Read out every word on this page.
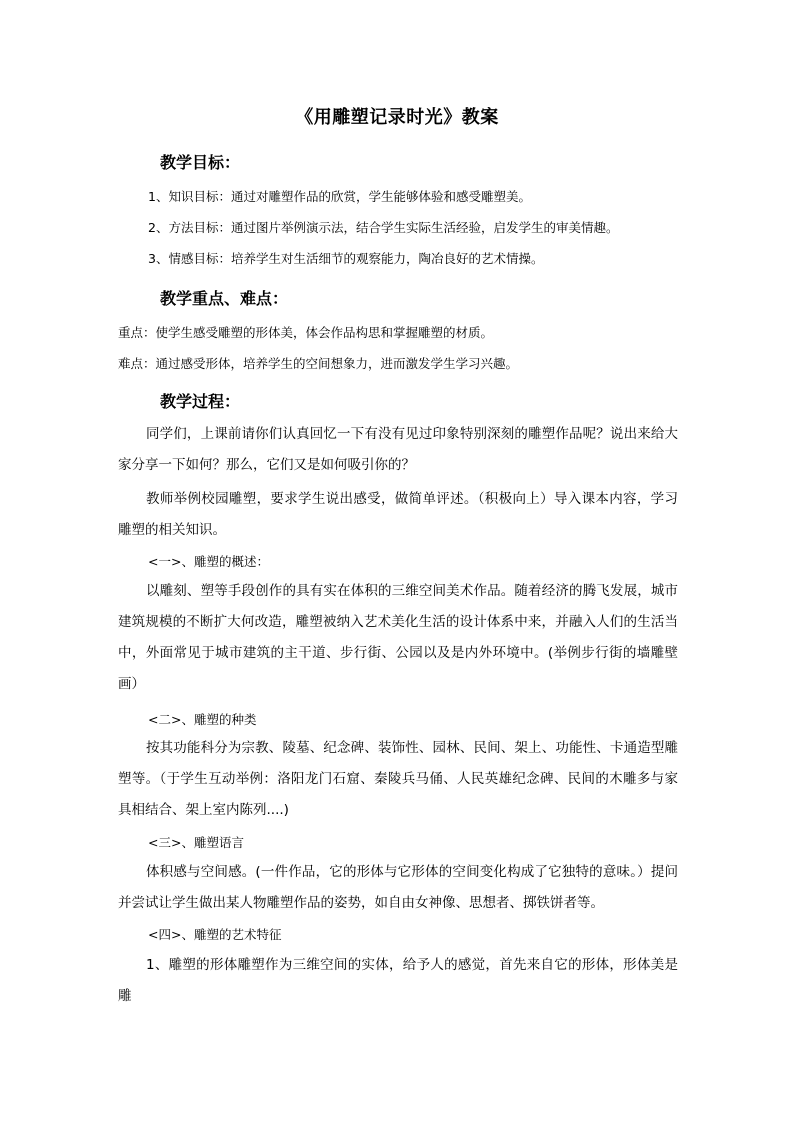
《用雕塑记录时光》教案
教学目标：
1、知识目标：通过对雕塑作品的欣赏，学生能够体验和感受雕塑美。
2、方法目标：通过图片举例演示法，结合学生实际生活经验，启发学生的审美情趣。
3、情感目标：培养学生对生活细节的观察能力，陶冶良好的艺术情操。
教学重点、难点：
重点：使学生感受雕塑的形体美，体会作品构思和掌握雕塑的材质。
难点：通过感受形体，培养学生的空间想象力，进而激发学生学习兴趣。
教学过程：
同学们，上课前请你们认真回忆一下有没有见过印象特别深刻的雕塑作品呢？说出来给大家分享一下如何？那么，它们又是如何吸引你的？
教师举例校园雕塑，要求学生说出感受，做简单评述。（积极向上）导入课本内容，学习雕塑的相关知识。
<一>、雕塑的概述：
以雕刻、塑等手段创作的具有实在体积的三维空间美术作品。随着经济的腾飞发展，城市建筑规模的不断扩大何改造，雕塑被纳入艺术美化生活的设计体系中来，并融入人们的生活当中，外面常见于城市建筑的主干道、步行街、公园以及是内外环境中。(举例步行街的墙雕壁画）
<二>、雕塑的种类
按其功能科分为宗教、陵墓、纪念碑、装饰性、园林、民间、架上、功能性、卡通造型雕塑等。（于学生互动举例：洛阳龙门石窟、秦陵兵马俑、人民英雄纪念碑、民间的木雕多与家具相结合、架上室内陈列....)
<三>、雕塑语言
体积感与空间感。(一件作品，它的形体与它形体的空间变化构成了它独特的意味。）提问并尝试让学生做出某人物雕塑作品的姿势，如自由女神像、思想者、掷铁饼者等。
<四>、雕塑的艺术特征
1、雕塑的形体雕塑作为三维空间的实体，给予人的感觉，首先来自它的形体，形体美是雕
